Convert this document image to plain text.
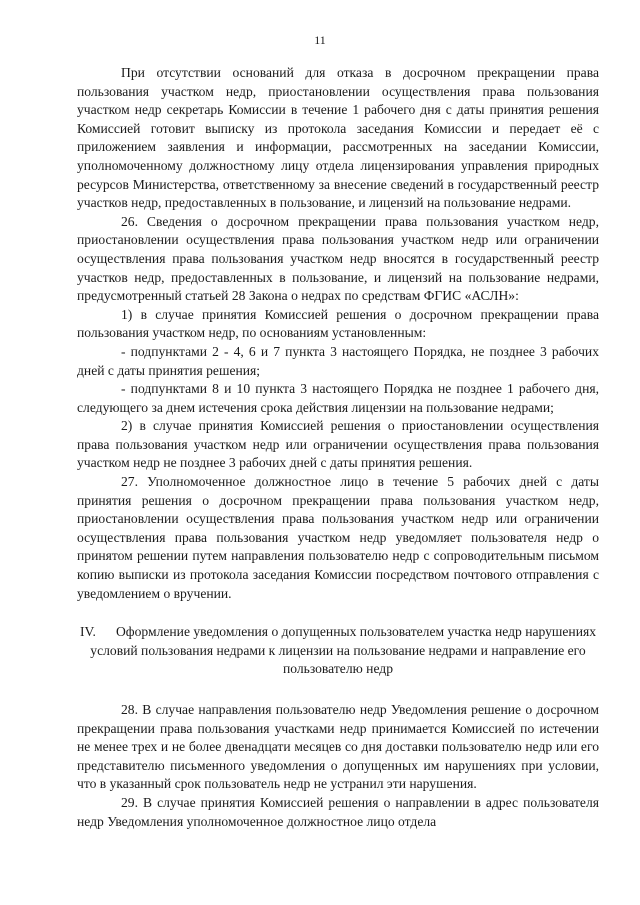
11

При отсутствии оснований для отказа в досрочном прекращении права пользования участком недр, приостановлении осуществления права пользования участком недр секретарь Комиссии в течение 1 рабочего дня с даты принятия решения Комиссией готовит выписку из протокола заседания Комиссии и передает её с приложением заявления и информации, рассмотренных на заседании Комиссии, уполномоченному должностному лицу отдела лицензирования управления природных ресурсов Министерства, ответственному за внесение сведений в государственный реестр участков недр, предоставленных в пользование, и лицензий на пользование недрами.

26. Сведения о досрочном прекращении права пользования участком недр, приостановлении осуществления права пользования участком недр или ограничении осуществления права пользования участком недр вносятся в государственный реестр участков недр, предоставленных в пользование, и лицензий на пользование недрами, предусмотренный статьей 28 Закона о недрах по средствам ФГИС «АСЛН»:

1) в случае принятия Комиссией решения о досрочном прекращении права пользования участком недр, по основаниям установленным:

- подпунктами 2 - 4, 6 и 7 пункта 3 настоящего Порядка, не позднее 3 рабочих дней с даты принятия решения;

- подпунктами 8 и 10 пункта 3 настоящего Порядка не позднее 1 рабочего дня, следующего за днем истечения срока действия лицензии на пользование недрами;

2) в случае принятия Комиссией решения о приостановлении осуществления права пользования участком недр или ограничении осуществления права пользования участком недр не позднее 3 рабочих дней с даты принятия решения.

27. Уполномоченное должностное лицо в течение 5 рабочих дней с даты принятия решения о досрочном прекращении права пользования участком недр, приостановлении осуществления права пользования участком недр или ограничении осуществления права пользования участком недр уведомляет пользователя недр о принятом решении путем направления пользователю недр с сопроводительным письмом копию выписки из протокола заседания Комиссии посредством почтового отправления с уведомлением о вручении.

IV. Оформление уведомления о допущенных пользователем участка недр нарушениях условий пользования недрами к лицензии на пользование недрами и направление его пользователю недр

28. В случае направления пользователю недр Уведомления решение о досрочном прекращении права пользования участками недр принимается Комиссией по истечении не менее трех и не более двенадцати месяцев со дня доставки пользователю недр или его представителю письменного уведомления о допущенных им нарушениях при условии, что в указанный срок пользователь недр не устранил эти нарушения.

29. В случае принятия Комиссией решения о направлении в адрес пользователя недр Уведомления уполномоченное должностное лицо отдела
